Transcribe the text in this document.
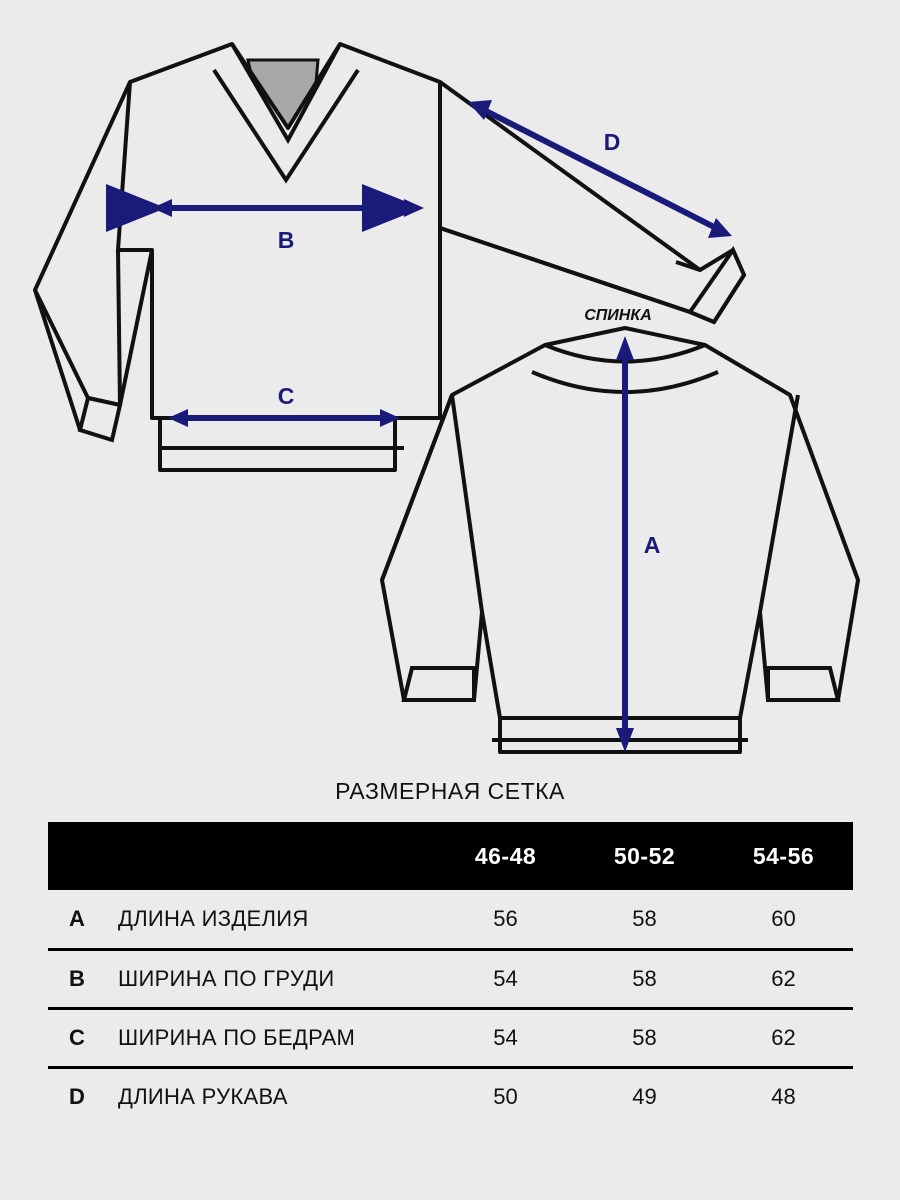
B
C
D
СПИНКА
A
РАЗМЕРНАЯ СЕТКА
		46-48	50-52	54-56
A	ДЛИНА ИЗДЕЛИЯ	56	58	60
B	ШИРИНА ПО ГРУДИ	54	58	62
C	ШИРИНА ПО БЕДРАМ	54	58	62
D	ДЛИНА РУКАВА	50	49	48
